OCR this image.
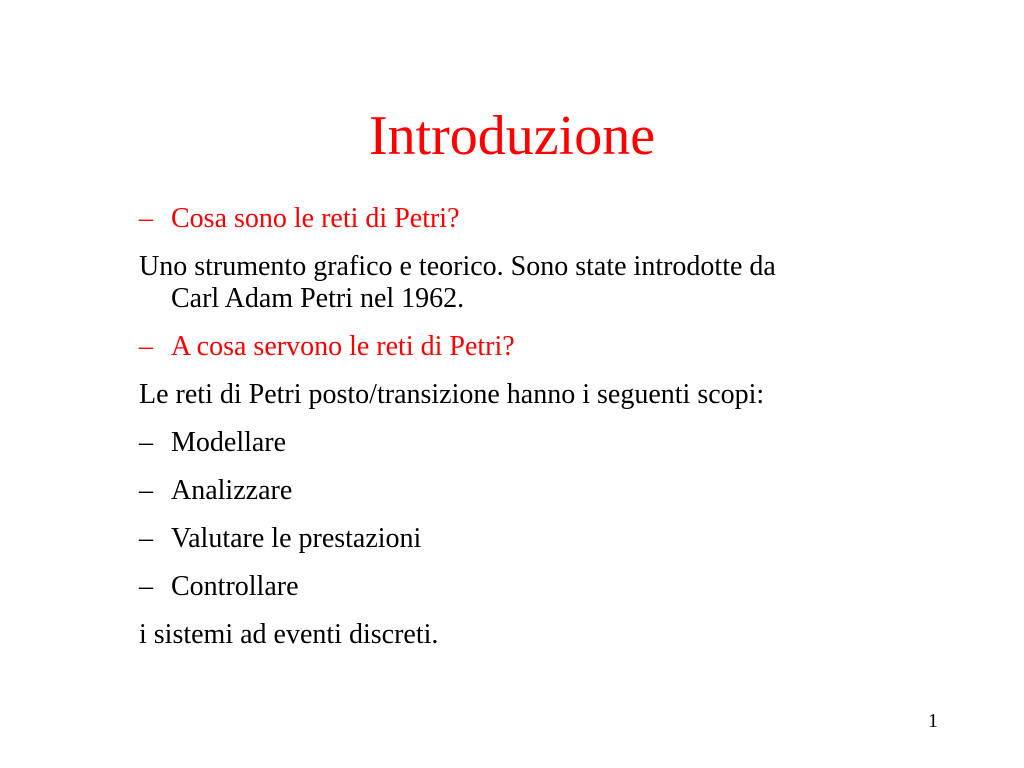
Introduzione
– Cosa sono le reti di Petri?
Uno strumento grafico e teorico. Sono state introdotte da
Carl Adam Petri nel 1962.
– A cosa servono le reti di Petri?
Le reti di Petri posto/transizione hanno i seguenti scopi:
– Modellare
– Analizzare
– Valutare le prestazioni
– Controllare
i sistemi ad eventi discreti.
1
